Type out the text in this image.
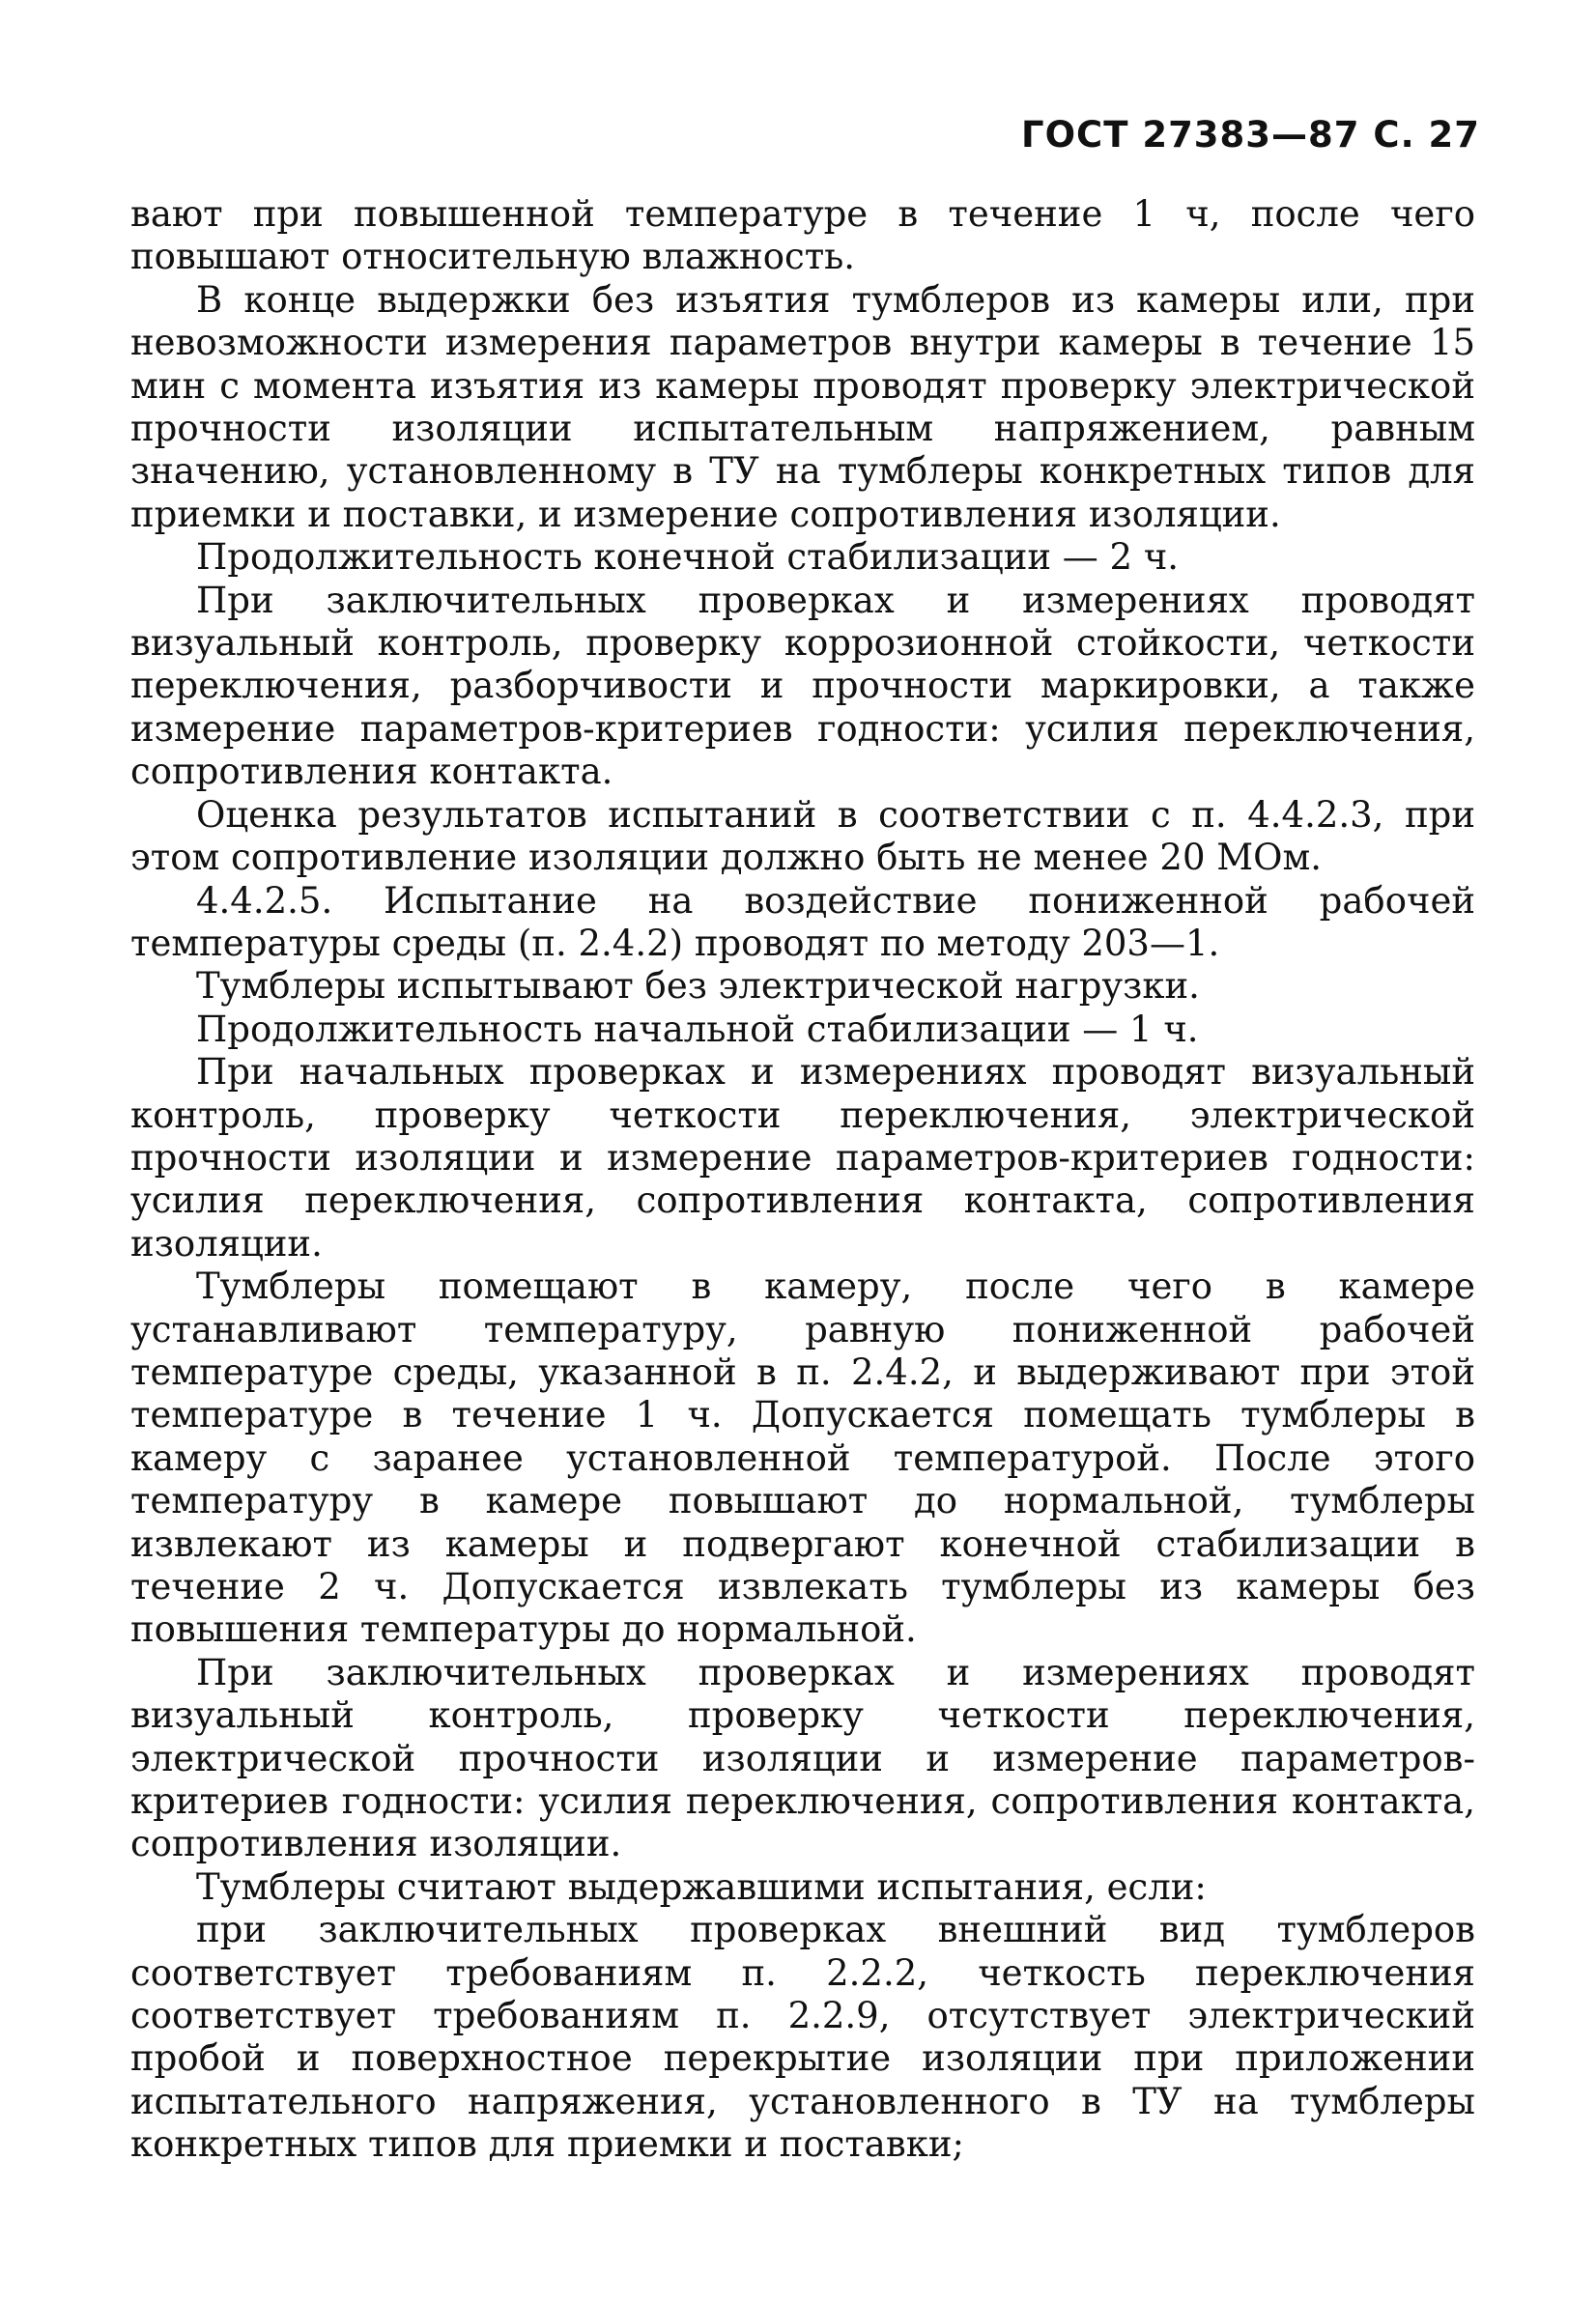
ГОСТ 27383—87 С. 27

вают при повышенной температуре в течение 1 ч, после чего повышают относительную влажность.

В конце выдержки без изъятия тумблеров из камеры или, при невозможности измерения параметров внутри камеры в течение 15 мин с момента изъятия из камеры проводят проверку электрической прочности изоляции испытательным напряжением, равным значению, установленному в ТУ на тумблеры конкретных типов для приемки и поставки, и измерение сопротивления изоляции.

Продолжительность конечной стабилизации — 2 ч.

При заключительных проверках и измерениях проводят визуальный контроль, проверку коррозионной стойкости, четкости переключения, разборчивости и прочности маркировки, а также измерение параметров-критериев годности: усилия переключения, сопротивления контакта.

Оценка результатов испытаний в соответствии с п. 4.4.2.3, при этом сопротивление изоляции должно быть не менее 20 МОм.

4.4.2.5. Испытание на воздействие пониженной рабочей температуры среды (п. 2.4.2) проводят по методу 203—1.

Тумблеры испытывают без электрической нагрузки.

Продолжительность начальной стабилизации — 1 ч.

При начальных проверках и измерениях проводят визуальный контроль, проверку четкости переключения, электрической прочности изоляции и измерение параметров-критериев годности: усилия переключения, сопротивления контакта, сопротивления изоляции.

Тумблеры помещают в камеру, после чего в камере устанавливают температуру, равную пониженной рабочей температуре среды, указанной в п. 2.4.2, и выдерживают при этой температуре в течение 1 ч. Допускается помещать тумблеры в камеру с заранее установленной температурой. После этого температуру в камере повышают до нормальной, тумблеры извлекают из камеры и подвергают конечной стабилизации в течение 2 ч. Допускается извлекать тумблеры из камеры без повышения температуры до нормальной.

При заключительных проверках и измерениях проводят визуальный контроль, проверку четкости переключения, электрической прочности изоляции и измерение параметров-критериев годности: усилия переключения, сопротивления контакта, сопротивления изоляции.

Тумблеры считают выдержавшими испытания, если:

при заключительных проверках внешний вид тумблеров соответствует требованиям п. 2.2.2, четкость переключения соответствует требованиям п. 2.2.9, отсутствует электрический пробой и поверхностное перекрытие изоляции при приложении испытательного напряжения, установленного в ТУ на тумблеры конкретных типов для приемки и поставки;
